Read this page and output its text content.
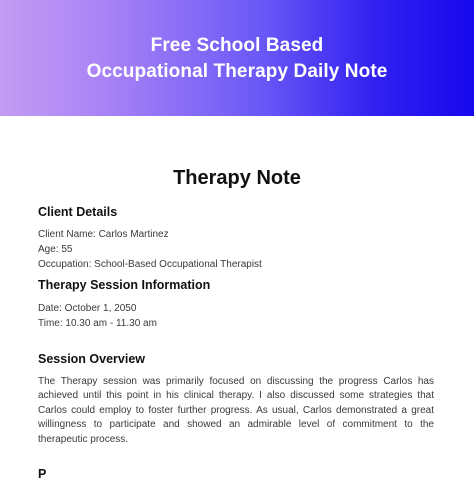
Free School Based
Occupational Therapy Daily Note
Therapy Note
Client Details
Client Name: Carlos Martinez
Age: 55
Occupation: School-Based Occupational Therapist
Therapy Session Information
Date: October 1, 2050
Time: 10.30 am - 11.30 am
Session Overview

The Therapy session was primarily focused on discussing the progress Carlos has achieved until this point in his clinical therapy. I also discussed some strategies that Carlos could employ to foster further progress. As usual, Carlos demonstrated a great willingness to participate and showed an admirable level of commitment to the therapeutic process.

P
